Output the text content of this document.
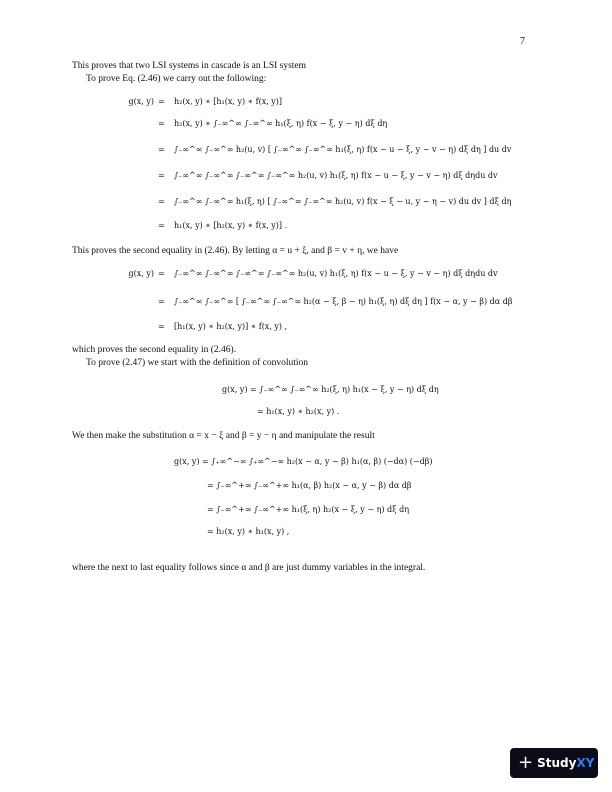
7
This proves that two LSI systems in cascade is an LSI system
To prove Eq. (2.46) we carry out the following:
g(x, y) = h₂(x, y) ∗ [h₁(x, y) ∗ f(x, y)]
= h₂(x, y) ∗ ∫₋∞^∞ ∫₋∞^∞ h₁(ξ, η) f(x − ξ, y − η) dξ dη
= ∫₋∞^∞ ∫₋∞^∞ h₂(u, v) [ ∫₋∞^∞ ∫₋∞^∞ h₁(ξ, η) f(x − u − ξ, y − v − η) dξ dη ] du dv
= ∫₋∞^∞ ∫₋∞^∞ ∫₋∞^∞ ∫₋∞^∞ h₂(u, v) h₁(ξ, η) f(x − u − ξ, y − v − η) dξ dηdu dv
= ∫₋∞^∞ ∫₋∞^∞ h₁(ξ, η) [ ∫₋∞^∞ ∫₋∞^∞ h₂(u, v) f(x − ξ − u, y − η − v) du dv ] dξ dη
= h₁(x, y) ∗ [h₂(x, y) ∗ f(x, y)] .
This proves the second equality in (2.46). By letting α = u + ξ, and β = v + η, we have
g(x, y) = ∫₋∞^∞ ∫₋∞^∞ ∫₋∞^∞ ∫₋∞^∞ h₂(u, v) h₁(ξ, η) f(x − u − ξ, y − v − η) dξ dηdu dv
= ∫₋∞^∞ ∫₋∞^∞ [ ∫₋∞^∞ ∫₋∞^∞ h₂(α − ξ, β − η) h₁(ξ, η) dξ dη ] f(x − α, y − β) dα dβ
= [h₁(x, y) ∗ h₂(x, y)] ∗ f(x, y) ,
which proves the second equality in (2.46).
To prove (2.47) we start with the definition of convolution
g(x, y) = ∫₋∞^∞ ∫₋∞^∞ h₂(ξ, η) h₁(x − ξ, y − η) dξ dη
= h₁(x, y) ∗ h₂(x, y) .
We then make the substitution α = x − ξ and β = y − η and manipulate the result
g(x, y) = ∫₊∞^−∞ ∫₊∞^−∞ h₂(x − α, y − β) h₁(α, β) (−dα) (−dβ)
= ∫₋∞^+∞ ∫₋∞^+∞ h₁(α, β) h₂(x − α, y − β) dα dβ
= ∫₋∞^+∞ ∫₋∞^+∞ h₁(ξ, η) h₂(x − ξ, y − η) dξ dη
= h₂(x, y) ∗ h₁(x, y) ,
where the next to last equality follows since α and β are just dummy variables in the integral.
+ StudyXY
